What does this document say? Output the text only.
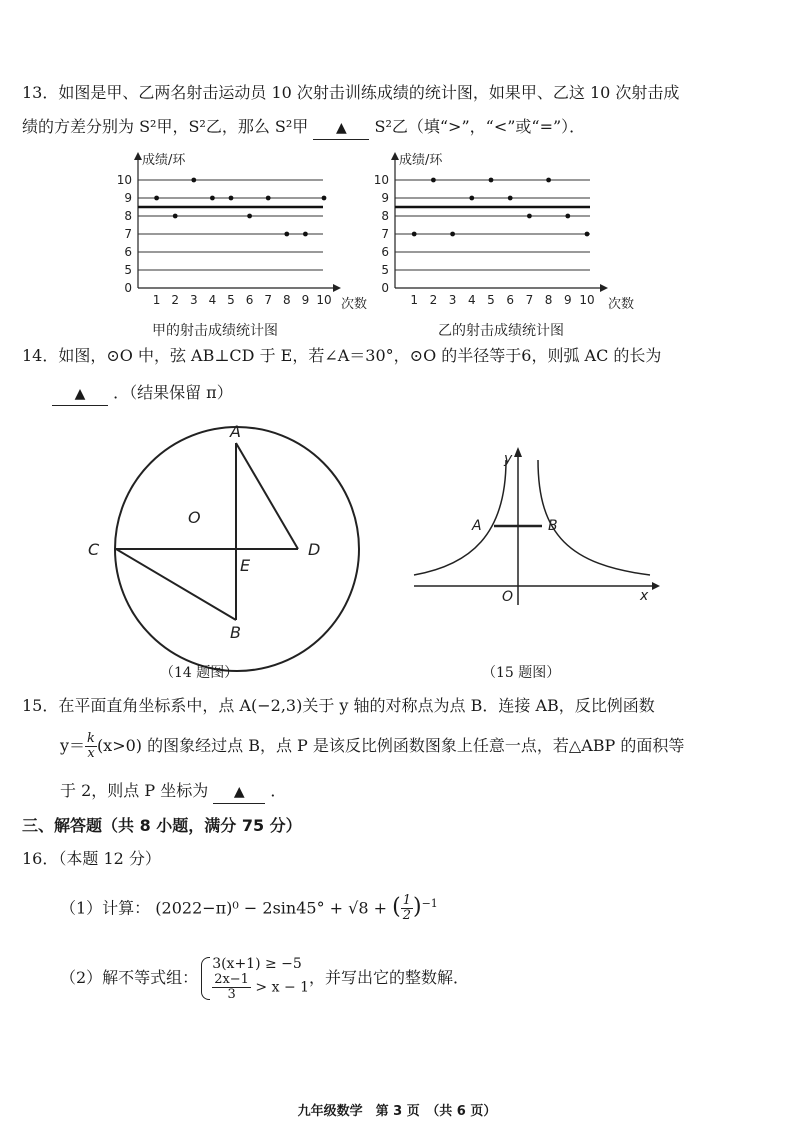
13．如图是甲、乙两名射击运动员 10 次射击训练成绩的统计图，如果甲、乙这 10 次射击成
绩的方差分别为 S²甲，S²乙，那么 S²甲 ▲ S²乙（填“>”，“<”或“=”）．
0
5
6
7
8
9
10
1 2 3 4 5 6 7 8 9 10
成绩/环
次数
0
5
6
7
8
9
10
1 2 3 4 5 6 7 8 9 10
成绩/环
次数
甲的射击成绩统计图	乙的射击成绩统计图
14．如图，⊙O 中，弦 AB⊥CD 于 E，若∠A＝30°，⊙O 的半径等于6，则弧 AC 的长为
▲ ．（结果保留 π）
A
B
C	D
E
O
（14 题图）
A	B
O	x
y
（15 题图）
15．在平面直角坐标系中，点 A(−2,3)关于 y 轴的对称点为点 B．连接 AB，反比例函数
$y= \frac{k}{x} (x>0)$ 的图象经过点 B，点 P 是该反比例函数图象上任意一点，若△ABP 的面积等
于 2，则点 P 坐标为 ▲ ．
三、解答题（共 8 小题，满分 75 分）
16．（本题 12 分）
（1）计算： (2022−π)⁰ − 2sin45° + √8 + ( $\frac{1}{2} )^{-1}$
（2）解不等式组：
3(x+1) ≥ −5
$\frac{2x-1}{3} > x - 1$
，并写出它的整数解．
九年级数学　第 3 页　（共 6 页）
